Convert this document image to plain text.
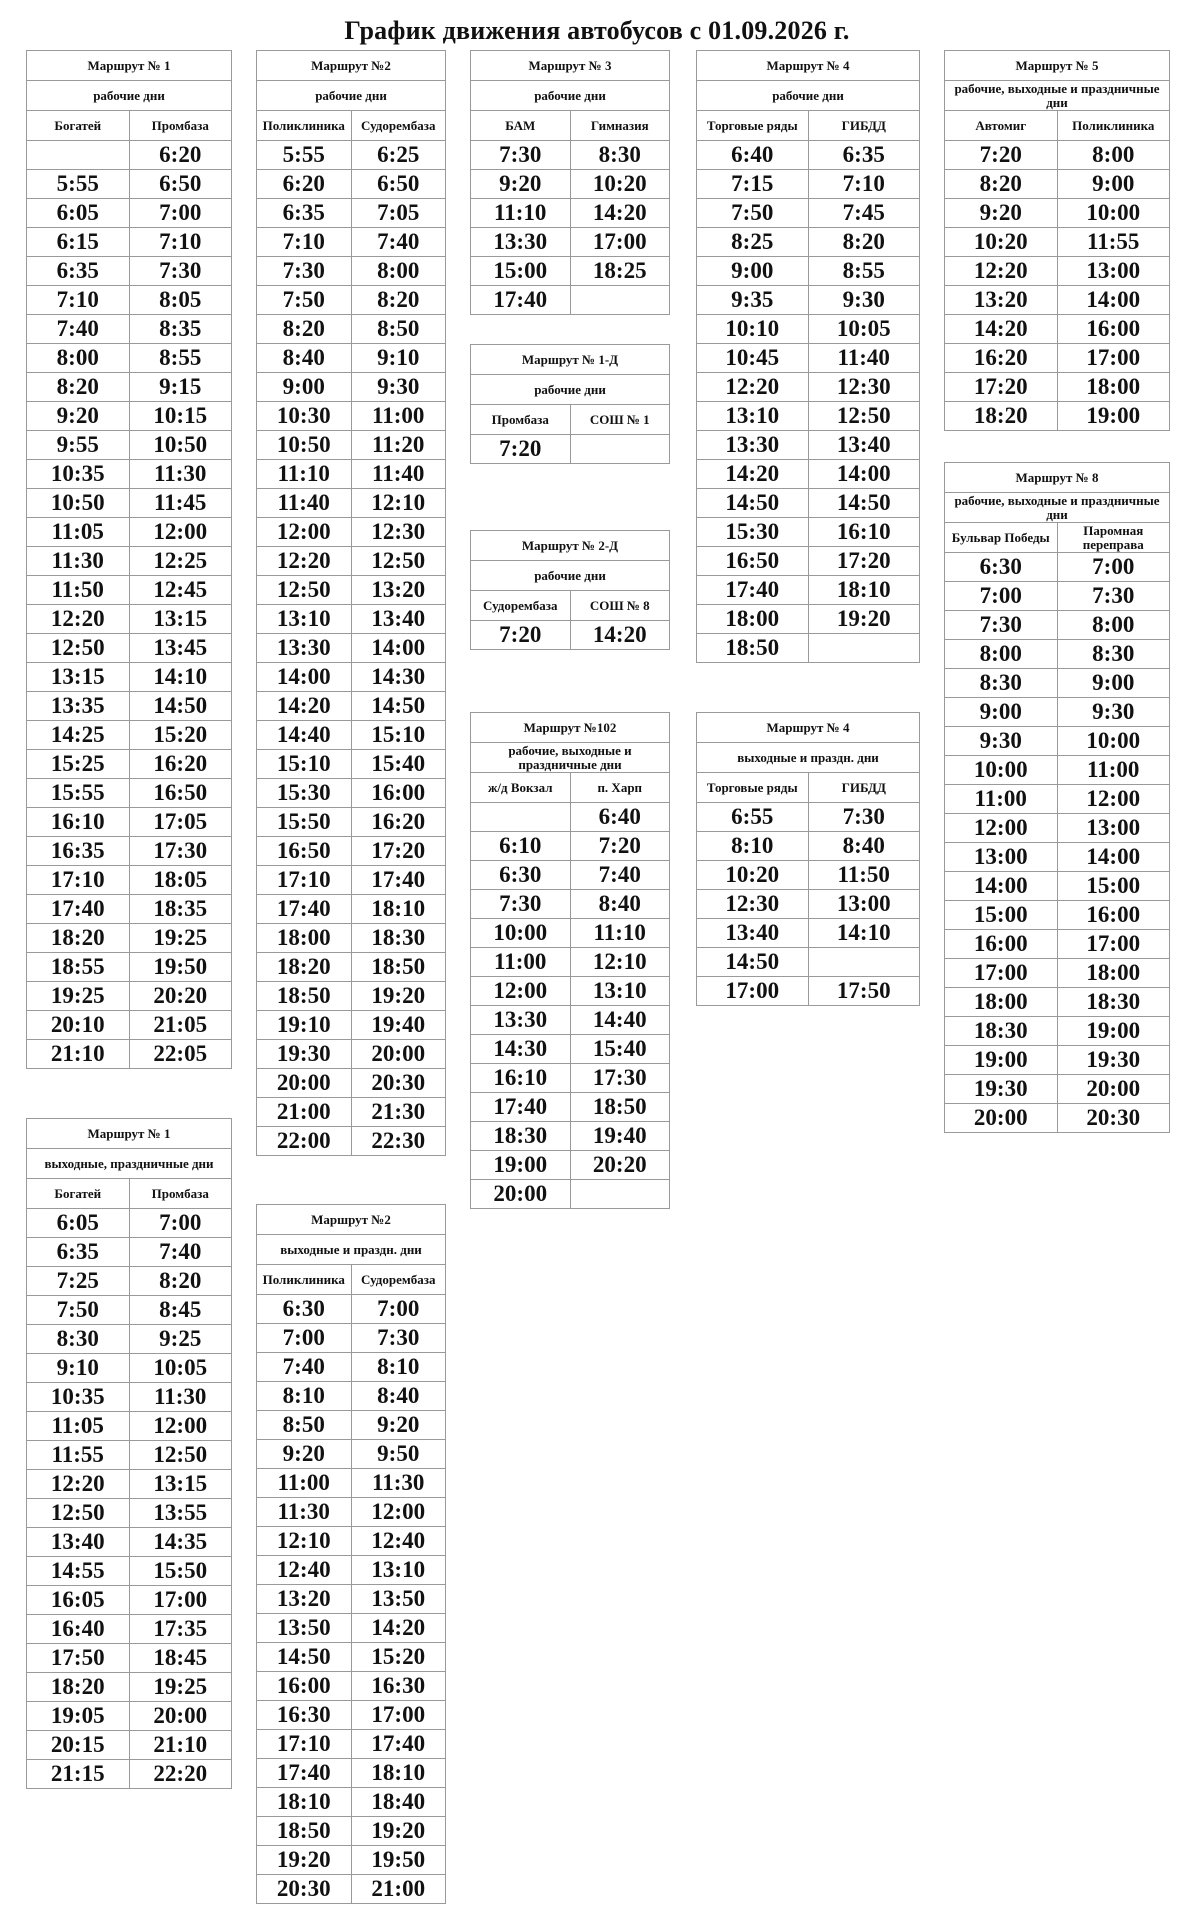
График движения автобусов с 01.09.2026 г.
Маршрут № 1	
рабочие дни	
Богатей	Промбаза
	6:20
5:55	6:50
6:05	7:00
6:15	7:10
6:35	7:30
7:10	8:05
7:40	8:35
8:00	8:55
8:20	9:15
9:20	10:15
9:55	10:50
10:35	11:30
10:50	11:45
11:05	12:00
11:30	12:25
11:50	12:45
12:20	13:15
12:50	13:45
13:15	14:10
13:35	14:50
14:25	15:20
15:25	16:20
15:55	16:50
16:10	17:05
16:35	17:30
17:10	18:05
17:40	18:35
18:20	19:25
18:55	19:50
19:25	20:20
20:10	21:05
21:10	22:05
Маршрут №2	
рабочие дни	
Поликлиника	Судорембаза
5:55	6:25
6:20	6:50
6:35	7:05
7:10	7:40
7:30	8:00
7:50	8:20
8:20	8:50
8:40	9:10
9:00	9:30
10:30	11:00
10:50	11:20
11:10	11:40
11:40	12:10
12:00	12:30
12:20	12:50
12:50	13:20
13:10	13:40
13:30	14:00
14:00	14:30
14:20	14:50
14:40	15:10
15:10	15:40
15:30	16:00
15:50	16:20
16:50	17:20
17:10	17:40
17:40	18:10
18:00	18:30
18:20	18:50
18:50	19:20
19:10	19:40
19:30	20:00
20:00	20:30
21:00	21:30
22:00	22:30
Маршрут № 3	
рабочие дни	
БАМ	Гимназия
7:30	8:30
9:20	10:20
11:10	14:20
13:30	17:00
15:00	18:25
17:40	
Маршрут № 1-Д	
рабочие дни	
Промбаза	СОШ № 1
7:20	
Маршрут № 2-Д	
рабочие дни	
Судорембаза	СОШ № 8
7:20	14:20
Маршрут №102	
рабочие, выходные и праздничные дни	
ж/д Вокзал	п. Харп
	6:40
6:10	7:20
6:30	7:40
7:30	8:40
10:00	11:10
11:00	12:10
12:00	13:10
13:30	14:40
14:30	15:40
16:10	17:30
17:40	18:50
18:30	19:40
19:00	20:20
20:00	
Маршрут № 4	
рабочие дни	
Торговые ряды	ГИБДД
6:40	6:35
7:15	7:10
7:50	7:45
8:25	8:20
9:00	8:55
9:35	9:30
10:10	10:05
10:45	11:40
12:20	12:30
13:10	12:50
13:30	13:40
14:20	14:00
14:50	14:50
15:30	16:10
16:50	17:20
17:40	18:10
18:00	19:20
18:50	
Маршрут № 4	
выходные и праздн. дни	
Торговые ряды	ГИБДД
6:55	7:30
8:10	8:40
10:20	11:50
12:30	13:00
13:40	14:10
14:50	
17:00	17:50
Маршрут № 5	
рабочие, выходные и праздничные дни	
Автомиг	Поликлиника
7:20	8:00
8:20	9:00
9:20	10:00
10:20	11:55
12:20	13:00
13:20	14:00
14:20	16:00
16:20	17:00
17:20	18:00
18:20	19:00
Маршрут № 8	
рабочие, выходные и праздничные дни	
Бульвар Победы	Паромная переправа
6:30	7:00
7:00	7:30
7:30	8:00
8:00	8:30
8:30	9:00
9:00	9:30
9:30	10:00
10:00	11:00
11:00	12:00
12:00	13:00
13:00	14:00
14:00	15:00
15:00	16:00
16:00	17:00
17:00	18:00
18:00	18:30
18:30	19:00
19:00	19:30
19:30	20:00
20:00	20:30
Маршрут № 1	
выходные, праздничные дни	
Богатей	Промбаза
6:05	7:00
6:35	7:40
7:25	8:20
7:50	8:45
8:30	9:25
9:10	10:05
10:35	11:30
11:05	12:00
11:55	12:50
12:20	13:15
12:50	13:55
13:40	14:35
14:55	15:50
16:05	17:00
16:40	17:35
17:50	18:45
18:20	19:25
19:05	20:00
20:15	21:10
21:15	22:20
Маршрут №2	
выходные и праздн. дни	
Поликлиника	Судорембаза
6:30	7:00
7:00	7:30
7:40	8:10
8:10	8:40
8:50	9:20
9:20	9:50
11:00	11:30
11:30	12:00
12:10	12:40
12:40	13:10
13:20	13:50
13:50	14:20
14:50	15:20
16:00	16:30
16:30	17:00
17:10	17:40
17:40	18:10
18:10	18:40
18:50	19:20
19:20	19:50
20:30	21:00
